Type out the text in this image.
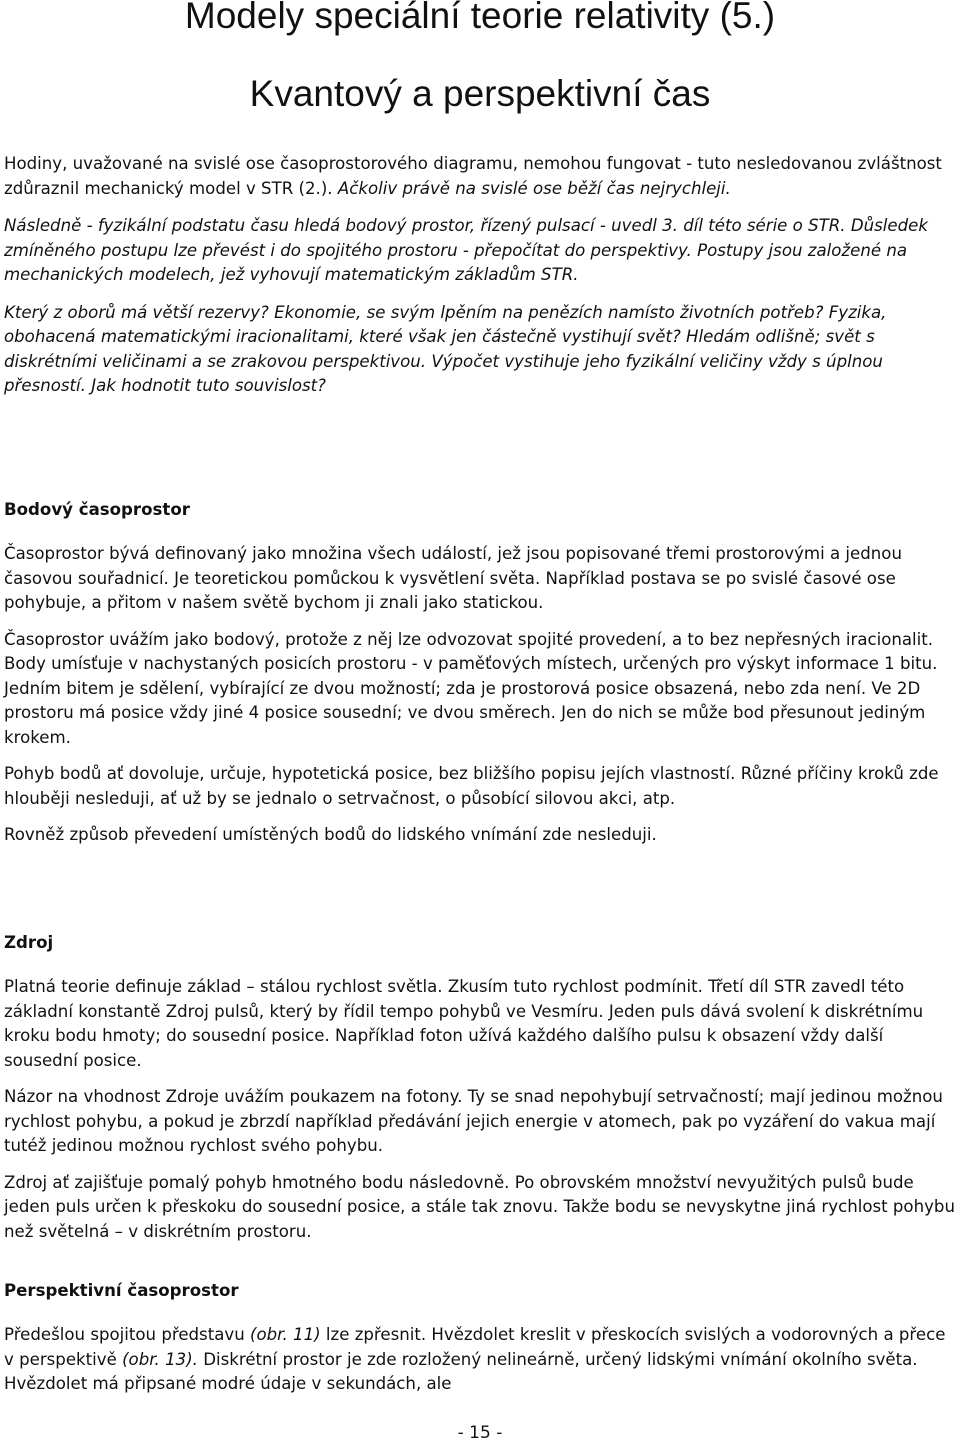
Modely speciální teorie relativity (5.)
Kvantový a perspektivní čas

Hodiny, uvažované na svislé ose časoprostorového diagramu, nemohou fungovat - tuto nesledovanou zvláštnost zdůraznil mechanický model v STR (2.). Ačkoliv právě na svislé ose běží čas nejrychleji.

Následně - fyzikální podstatu času hledá bodový prostor, řízený pulsací - uvedl 3. díl této série o STR. Důsledek zmíněného postupu lze převést i do spojitého prostoru - přepočítat do perspektivy. Postupy jsou založené na mechanických modelech, jež vyhovují matematickým základům STR.

Který z oborů má větší rezervy? Ekonomie, se svým lpěním na penězích namísto životních potřeb? Fyzika, obohacená matematickými iracionalitami, které však jen částečně vystihují svět? Hledám odlišně; svět s diskrétními veličinami a se zrakovou perspektivou. Výpočet vystihuje jeho fyzikální veličiny vždy s úplnou přesností. Jak hodnotit tuto souvislost?

Bodový časoprostor

Časoprostor bývá definovaný jako množina všech událostí, jež jsou popisované třemi prostorovými a jednou časovou souřadnicí. Je teoretickou pomůckou k vysvětlení světa. Například postava se po svislé časové ose pohybuje, a přitom v našem světě bychom ji znali jako statickou.

Časoprostor uvážím jako bodový, protože z něj lze odvozovat spojité provedení, a to bez nepřesných iracionalit. Body umísťuje v nachystaných posicích prostoru - v paměťových místech, určených pro výskyt informace 1 bitu. Jedním bitem je sdělení, vybírající ze dvou možností; zda je prostorová posice obsazená, nebo zda není. Ve 2D prostoru má posice vždy jiné 4 posice sousední; ve dvou směrech. Jen do nich se může bod přesunout jediným krokem.

Pohyb bodů ať dovoluje, určuje, hypotetická posice, bez bližšího popisu jejích vlastností. Různé příčiny kroků zde hlouběji nesleduji, ať už by se jednalo o setrvačnost, o působící silovou akci, atp.

Rovněž způsob převedení umístěných bodů do lidského vnímání zde nesleduji.

Zdroj

Platná teorie definuje základ – stálou rychlost světla. Zkusím tuto rychlost podmínit. Třetí díl STR zavedl této základní konstantě Zdroj pulsů, který by řídil tempo pohybů ve Vesmíru. Jeden puls dává svolení k diskrétnímu kroku bodu hmoty; do sousední posice. Například foton užívá každého dalšího pulsu k obsazení vždy další sousední posice.

Názor na vhodnost Zdroje uvážím poukazem na fotony. Ty se snad nepohybují setrvačností; mají jedinou možnou rychlost pohybu, a pokud je zbrzdí například předávání jejich energie v atomech, pak po vyzáření do vakua mají tutéž jedinou možnou rychlost svého pohybu.

Zdroj ať zajišťuje pomalý pohyb hmotného bodu následovně. Po obrovském množství nevyužitých pulsů bude jeden puls určen k přeskoku do sousední posice, a stále tak znovu. Takže bodu se nevyskytne jiná rychlost pohybu než světelná – v diskrétním prostoru.

Perspektivní časoprostor

Předešlou spojitou představu (obr. 11) lze zpřesnit. Hvězdolet kreslit v přeskocích svislých a vodorovných a přece v perspektivě (obr. 13). Diskrétní prostor je zde rozložený nelineárně, určený lidskými vnímání okolního světa. Hvězdolet má připsané modré údaje v sekundách, ale

- 15 -
